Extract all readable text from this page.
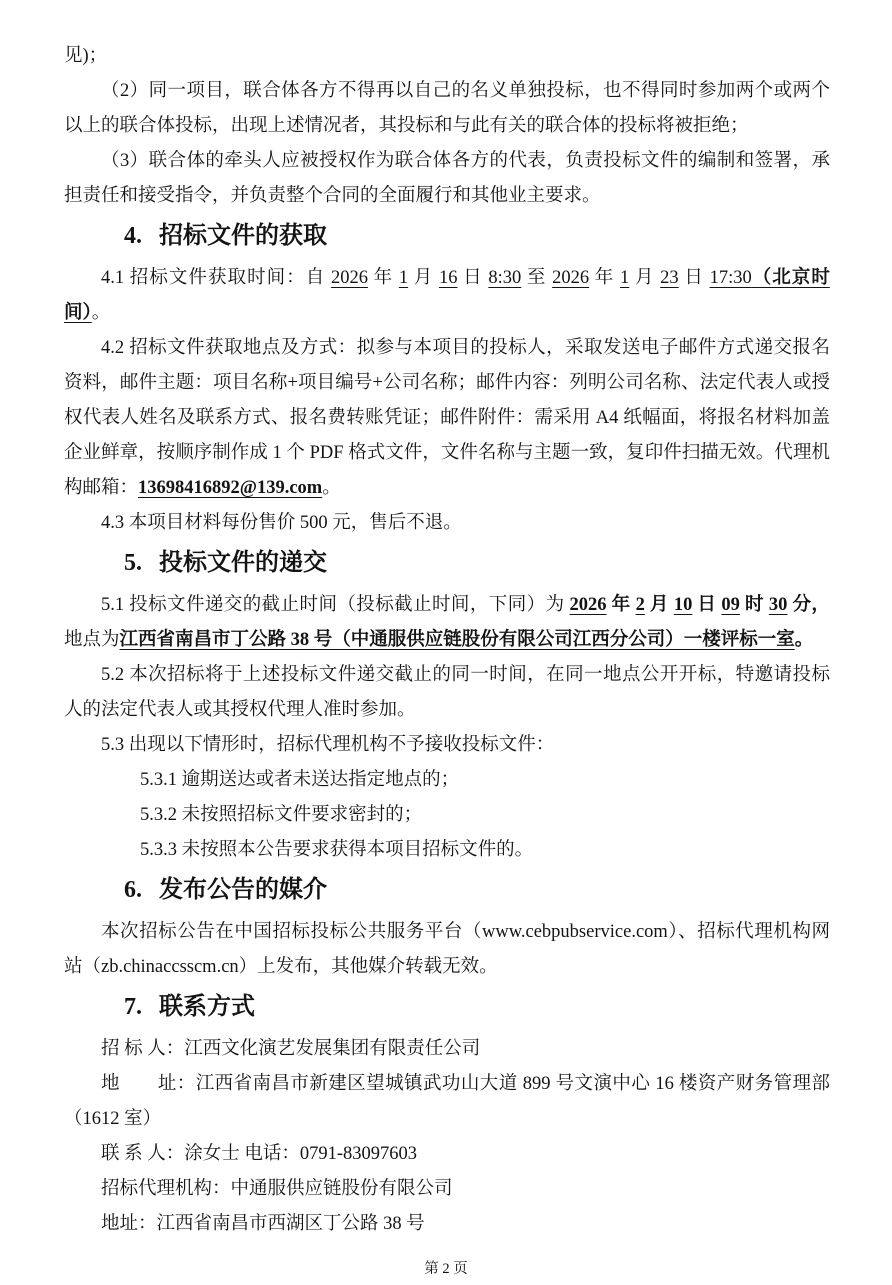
见)；

（2）同一项目，联合体各方不得再以自己的名义单独投标，也不得同时参加两个或两个以上的联合体投标，出现上述情况者，其投标和与此有关的联合体的投标将被拒绝；

（3）联合体的牵头人应被授权作为联合体各方的代表，负责投标文件的编制和签署，承担责任和接受指令，并负责整个合同的全面履行和其他业主要求。

4. 招标文件的获取

4.1 招标文件获取时间：自 2026 年 1 月 16 日 8:30 至 2026 年 1 月 23 日 17:30（北京时间）。

4.2 招标文件获取地点及方式：拟参与本项目的投标人，采取发送电子邮件方式递交报名资料，邮件主题：项目名称+项目编号+公司名称；邮件内容：列明公司名称、法定代表人或授权代表人姓名及联系方式、报名费转账凭证；邮件附件：需采用 A4 纸幅面，将报名材料加盖企业鲜章，按顺序制作成 1 个 PDF 格式文件，文件名称与主题一致，复印件扫描无效。代理机构邮箱：13698416892@139.com。

4.3 本项目材料每份售价 500 元，售后不退。

5. 投标文件的递交

5.1 投标文件递交的截止时间（投标截止时间，下同）为 2026 年 2 月 10 日 09 时 30 分，地点为江西省南昌市丁公路 38 号（中通服供应链股份有限公司江西分公司）一楼评标一室。

5.2 本次招标将于上述投标文件递交截止的同一时间，在同一地点公开开标，特邀请投标人的法定代表人或其授权代理人准时参加。

5.3 出现以下情形时，招标代理机构不予接收投标文件：

5.3.1 逾期送达或者未送达指定地点的；

5.3.2 未按照招标文件要求密封的；

5.3.3 未按照本公告要求获得本项目招标文件的。

6. 发布公告的媒介

本次招标公告在中国招标投标公共服务平台（www.cebpubservice.com）、招标代理机构网站（zb.chinaccsscm.cn）上发布，其他媒介转载无效。

7. 联系方式

招 标 人：江西文化演艺发展集团有限责任公司

地　　址：江西省南昌市新建区望城镇武功山大道 899 号文演中心 16 楼资产财务管理部（1612 室）

联 系 人：涂女士 电话：0791-83097603

招标代理机构：中通服供应链股份有限公司

地址：江西省南昌市西湖区丁公路 38 号

第 2 页
